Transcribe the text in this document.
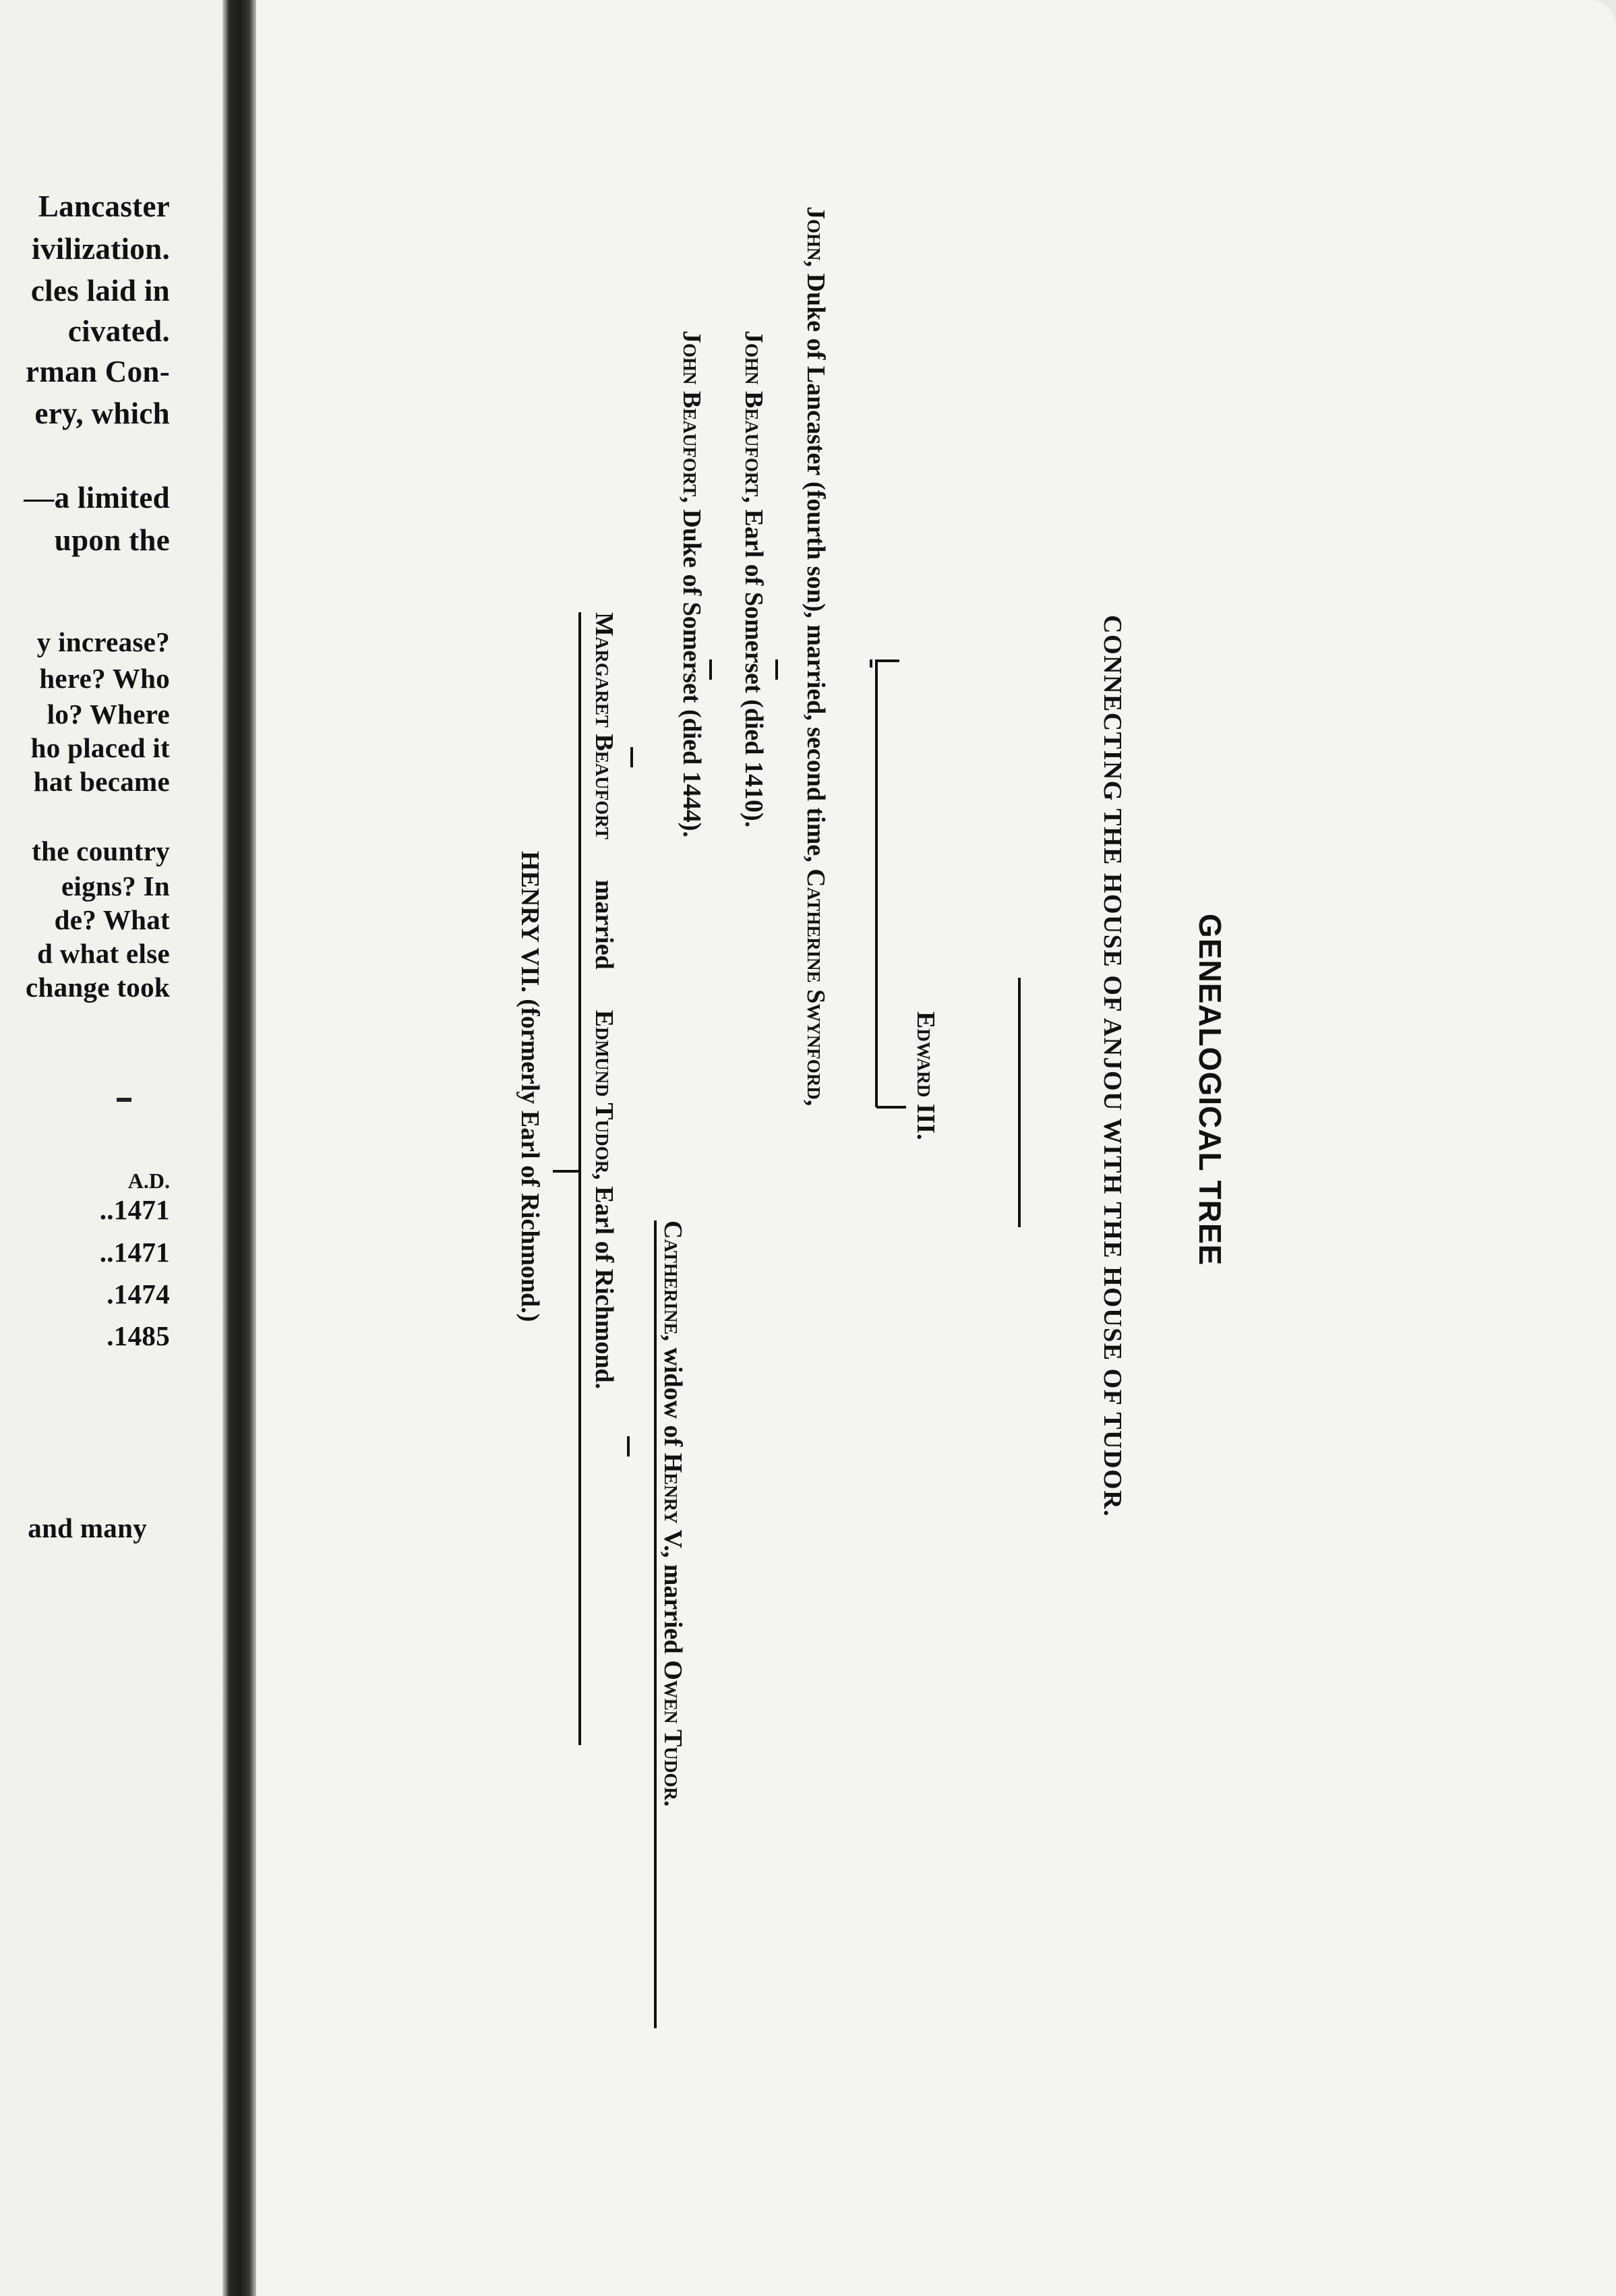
Lancaster
ivilization.
cles laid in
civated.
rman Con-
ery, which
—a limited
upon the
y increase?
here? Who
lo? Where
ho placed it
hat became
the country
eigns? In
de? What
d what else
change took
A.D.
..1471
..1471
.1474
.1485
and many
GENEALOGICAL TREE
CONNECTING THE HOUSE OF ANJOU WITH THE HOUSE OF TUDOR.
Edward III.
John, Duke of Lancaster (fourth son), married, second time, Catherine Swynford,
John Beaufort, Earl of Somerset (died 1410).
John Beaufort, Duke of Somerset (died 1444).
Catherine, widow of Henry V., married Owen Tudor.
Margaret BeaufortmarriedEdmund Tudor, Earl of Richmond.
HENRY VII. (formerly Earl of Richmond.)
